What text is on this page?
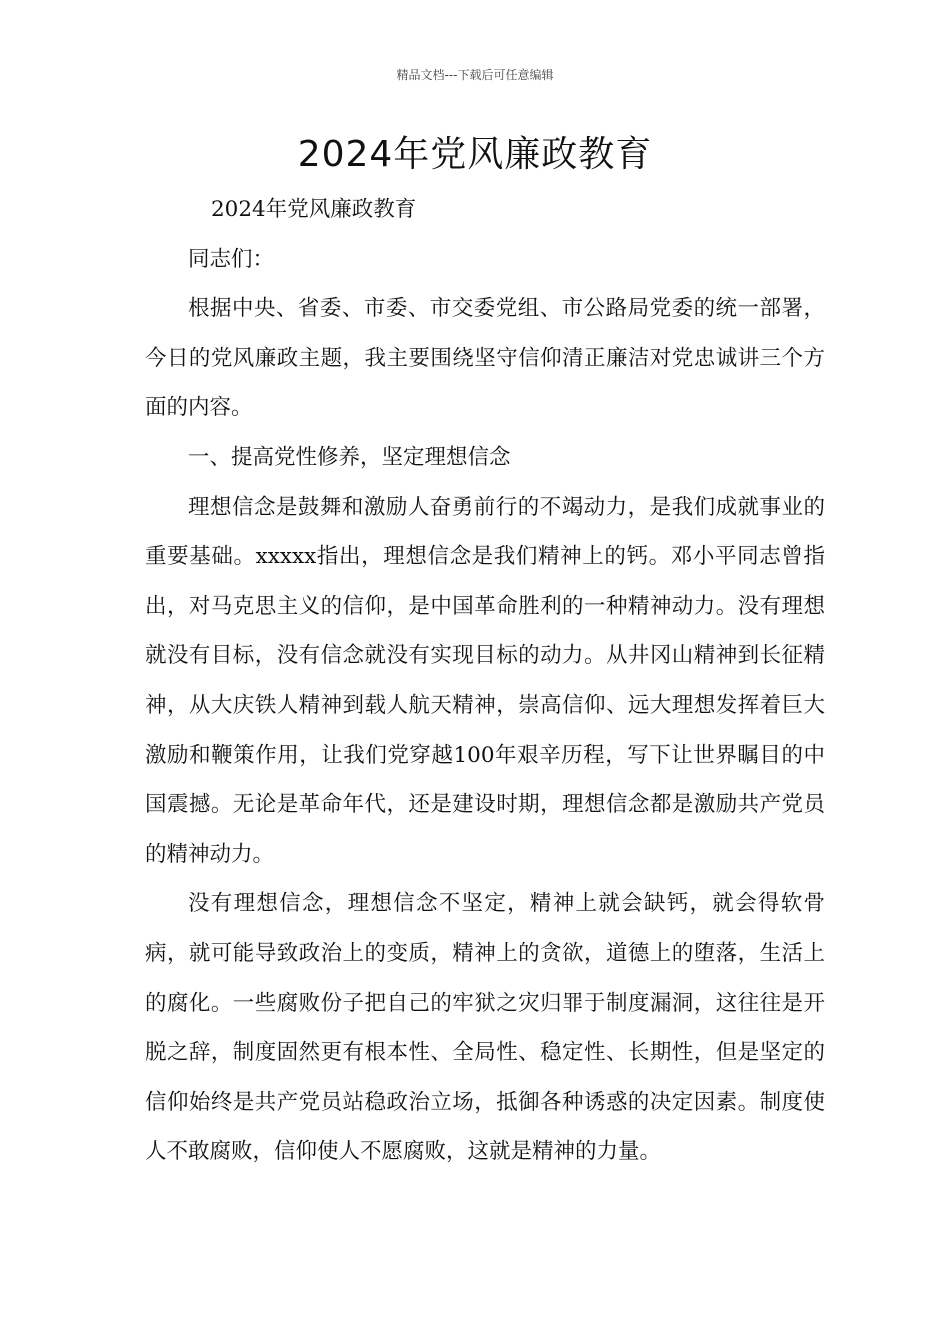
精品文档---下载后可任意编辑
2024年党风廉政教育

2024年党风廉政教育

同志们：

根据中央、省委、市委、市交委党组、市公路局党委的统一部署，今日的党风廉政主题，我主要围绕坚守信仰清正廉洁对党忠诚讲三个方面的内容。

一、提高党性修养，坚定理想信念

理想信念是鼓舞和激励人奋勇前行的不竭动力，是我们成就事业的重要基础。xxxxx指出，理想信念是我们精神上的钙。邓小平同志曾指出，对马克思主义的信仰，是中国革命胜利的一种精神动力。没有理想就没有目标，没有信念就没有实现目标的动力。从井冈山精神到长征精神，从大庆铁人精神到载人航天精神，崇高信仰、远大理想发挥着巨大激励和鞭策作用，让我们党穿越100年艰辛历程，写下让世界瞩目的中国震撼。无论是革命年代，还是建设时期，理想信念都是激励共产党员的精神动力。

没有理想信念，理想信念不坚定，精神上就会缺钙，就会得软骨病，就可能导致政治上的变质，精神上的贪欲，道德上的堕落，生活上的腐化。一些腐败份子把自己的牢狱之灾归罪于制度漏洞，这往往是开脱之辞，制度固然更有根本性、全局性、稳定性、长期性，但是坚定的信仰始终是共产党员站稳政治立场，抵御各种诱惑的决定因素。制度使人不敢腐败，信仰使人不愿腐败，这就是精神的力量。
